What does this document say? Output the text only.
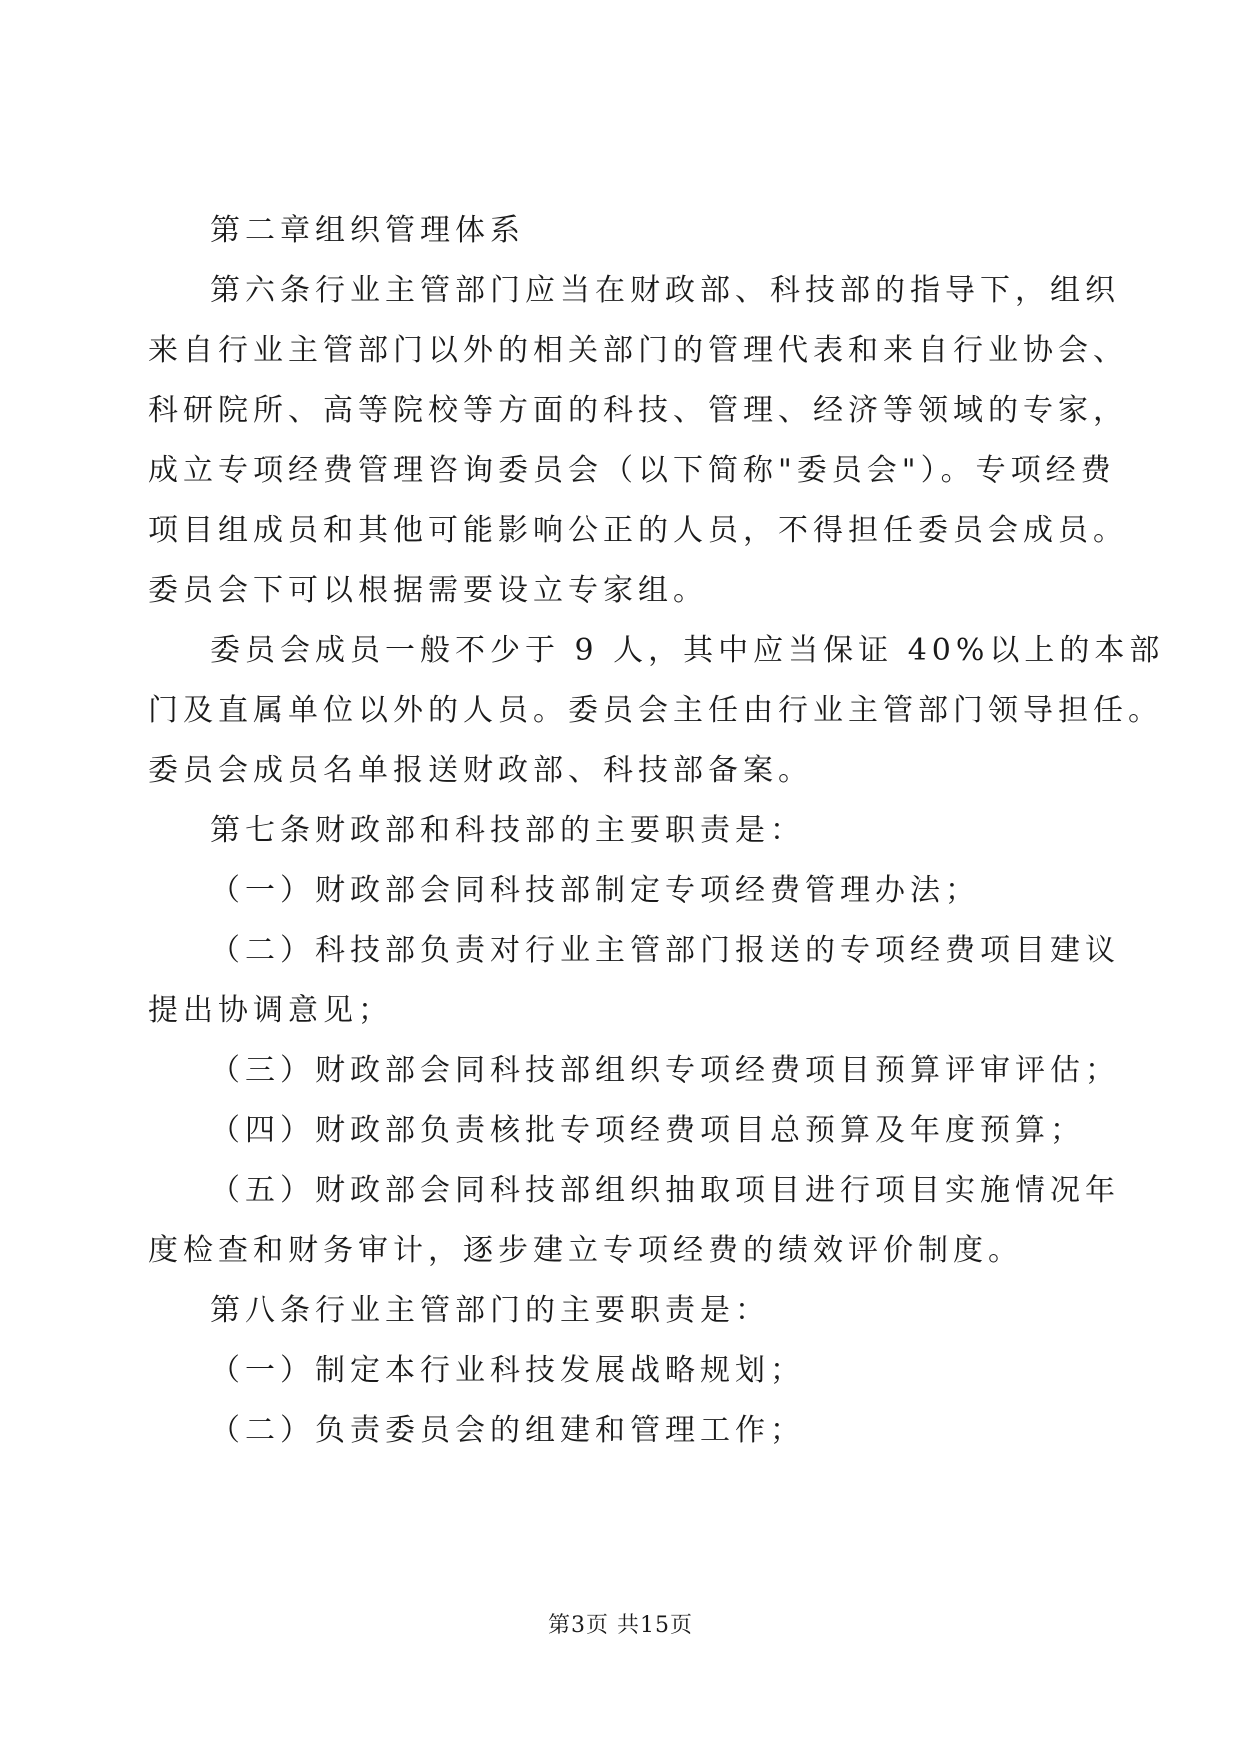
第二章组织管理体系

第六条行业主管部门应当在财政部、科技部的指导下，组织

来自行业主管部门以外的相关部门的管理代表和来自行业协会、

科研院所、高等院校等方面的科技、管理、经济等领域的专家，

成立专项经费管理咨询委员会（以下简称"委员会"）。专项经费

项目组成员和其他可能影响公正的人员，不得担任委员会成员。

委员会下可以根据需要设立专家组。

委员会成员一般不少于 9 人，其中应当保证 40%以上的本部

门及直属单位以外的人员。委员会主任由行业主管部门领导担任。

委员会成员名单报送财政部、科技部备案。

第七条财政部和科技部的主要职责是：

（一）财政部会同科技部制定专项经费管理办法；

（二）科技部负责对行业主管部门报送的专项经费项目建议

提出协调意见；

（三）财政部会同科技部组织专项经费项目预算评审评估；

（四）财政部负责核批专项经费项目总预算及年度预算；

（五）财政部会同科技部组织抽取项目进行项目实施情况年

度检查和财务审计，逐步建立专项经费的绩效评价制度。

第八条行业主管部门的主要职责是：

（一）制定本行业科技发展战略规划；

（二）负责委员会的组建和管理工作；

第3页 共15页
